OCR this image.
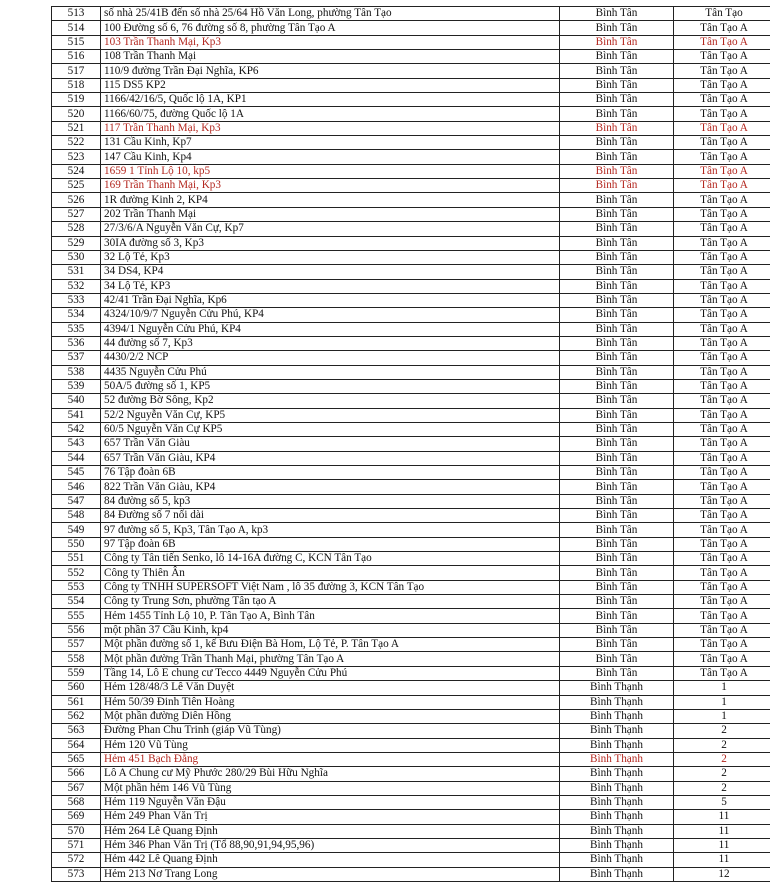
513	số nhà 25/41B đến số nhà 25/64 Hồ Văn Long, phường Tân Tạo	Bình Tân	Tân Tạo
514	100 Đường số 6, 76 đường số 8, phường Tân Tạo A	Bình Tân	Tân Tạo A
515	103 Trần Thanh Mại, Kp3	Bình Tân	Tân Tạo A
516	108 Trần Thanh Mại	Bình Tân	Tân Tạo A
517	110/9 đường Trần Đại Nghĩa, KP6	Bình Tân	Tân Tạo A
518	115 DS5 KP2	Bình Tân	Tân Tạo A
519	1166/42/16/5, Quốc lộ 1A, KP1	Bình Tân	Tân Tạo A
520	1166/60/75, đường Quốc lộ 1A	Bình Tân	Tân Tạo A
521	117 Trần Thanh Mại, Kp3	Bình Tân	Tân Tạo A
522	131 Cầu Kinh, Kp7	Bình Tân	Tân Tạo A
523	147 Cầu Kinh, Kp4	Bình Tân	Tân Tạo A
524	1659 1 Tỉnh Lộ 10, kp5	Bình Tân	Tân Tạo A
525	169 Trần Thanh Mại, Kp3	Bình Tân	Tân Tạo A
526	1R đường Kinh 2, KP4	Bình Tân	Tân Tạo A
527	202 Trần Thanh Mại	Bình Tân	Tân Tạo A
528	27/3/6/A Nguyễn Văn Cự, Kp7	Bình Tân	Tân Tạo A
529	30IA đường số 3, Kp3	Bình Tân	Tân Tạo A
530	32 Lộ Tẻ, Kp3	Bình Tân	Tân Tạo A
531	34 DS4, KP4	Bình Tân	Tân Tạo A
532	34 Lộ Tẻ, KP3	Bình Tân	Tân Tạo A
533	42/41 Trần Đại Nghĩa, Kp6	Bình Tân	Tân Tạo A
534	4324/10/9/7 Nguyễn Cửu Phú, KP4	Bình Tân	Tân Tạo A
535	4394/1 Nguyễn Cửu Phú, KP4	Bình Tân	Tân Tạo A
536	44 đường số 7, Kp3	Bình Tân	Tân Tạo A
537	4430/2/2 NCP	Bình Tân	Tân Tạo A
538	4435 Nguyễn Cửu Phú	Bình Tân	Tân Tạo A
539	50A/5 đường số 1, KP5	Bình Tân	Tân Tạo A
540	52 đường Bờ Sông, Kp2	Bình Tân	Tân Tạo A
541	52/2 Nguyễn Văn Cự, KP5	Bình Tân	Tân Tạo A
542	60/5 Nguyễn Văn Cự KP5	Bình Tân	Tân Tạo A
543	657 Trần Văn Giàu	Bình Tân	Tân Tạo A
544	657 Trần Văn Giàu, KP4	Bình Tân	Tân Tạo A
545	76 Tập đoàn 6B	Bình Tân	Tân Tạo A
546	822 Trần Văn Giàu, KP4	Bình Tân	Tân Tạo A
547	84 đường số 5, kp3	Bình Tân	Tân Tạo A
548	84 Đường số 7 nối dài	Bình Tân	Tân Tạo A
549	97 đường số 5, Kp3, Tân Tạo A, kp3	Bình Tân	Tân Tạo A
550	97 Tập đoàn 6B	Bình Tân	Tân Tạo A
551	Công ty Tân tiến Senko, lô 14-16A đường C, KCN Tân Tạo	Bình Tân	Tân Tạo A
552	Công ty Thiên Ân	Bình Tân	Tân Tạo A
553	Công ty TNHH SUPERSOFT Việt Nam , lô 35 đường 3, KCN Tân Tạo	Bình Tân	Tân Tạo A
554	Công ty Trung Sơn, phường Tân tạo A	Bình Tân	Tân Tạo A
555	Hẻm 1455 Tỉnh Lộ 10, P. Tân Tạo A, Bình Tân	Bình Tân	Tân Tạo A
556	một phần 37 Cầu Kinh, kp4	Bình Tân	Tân Tạo A
557	Một phần đường số 1, kế Bưu Điện Bà Hom, Lộ Tẻ, P. Tân Tạo A	Bình Tân	Tân Tạo A
558	Một phần đường Trần Thanh Mại, phường Tân Tạo A	Bình Tân	Tân Tạo A
559	Tầng 14, Lô E chung cư Tecco 4449 Nguyễn Cửu Phú	Bình Tân	Tân Tạo A
560	Hẻm 128/48/3 Lê Văn Duyệt	Bình Thạnh	1
561	Hẻm 50/39 Đinh Tiên Hoàng	Bình Thạnh	1
562	Một phần đường Diên Hồng	Bình Thạnh	1
563	Đường Phan Chu Trinh (giáp Vũ Tùng)	Bình Thạnh	2
564	Hẻm 120 Vũ Tùng	Bình Thạnh	2
565	Hẻm 451 Bạch Đằng	Bình Thạnh	2
566	Lô A Chung cư Mỹ Phước 280/29 Bùi Hữu Nghĩa	Bình Thạnh	2
567	Một phần hẻm 146 Vũ Tùng	Bình Thạnh	2
568	Hẻm 119 Nguyễn Văn Đậu	Bình Thạnh	5
569	Hẻm 249 Phan Văn Trị	Bình Thạnh	11
570	Hẻm 264 Lê Quang Định	Bình Thạnh	11
571	Hẻm 346 Phan Văn Trị (Tổ 88,90,91,94,95,96)	Bình Thạnh	11
572	Hẻm 442 Lê Quang Định	Bình Thạnh	11
573	Hẻm 213 Nơ Trang Long	Bình Thạnh	12
